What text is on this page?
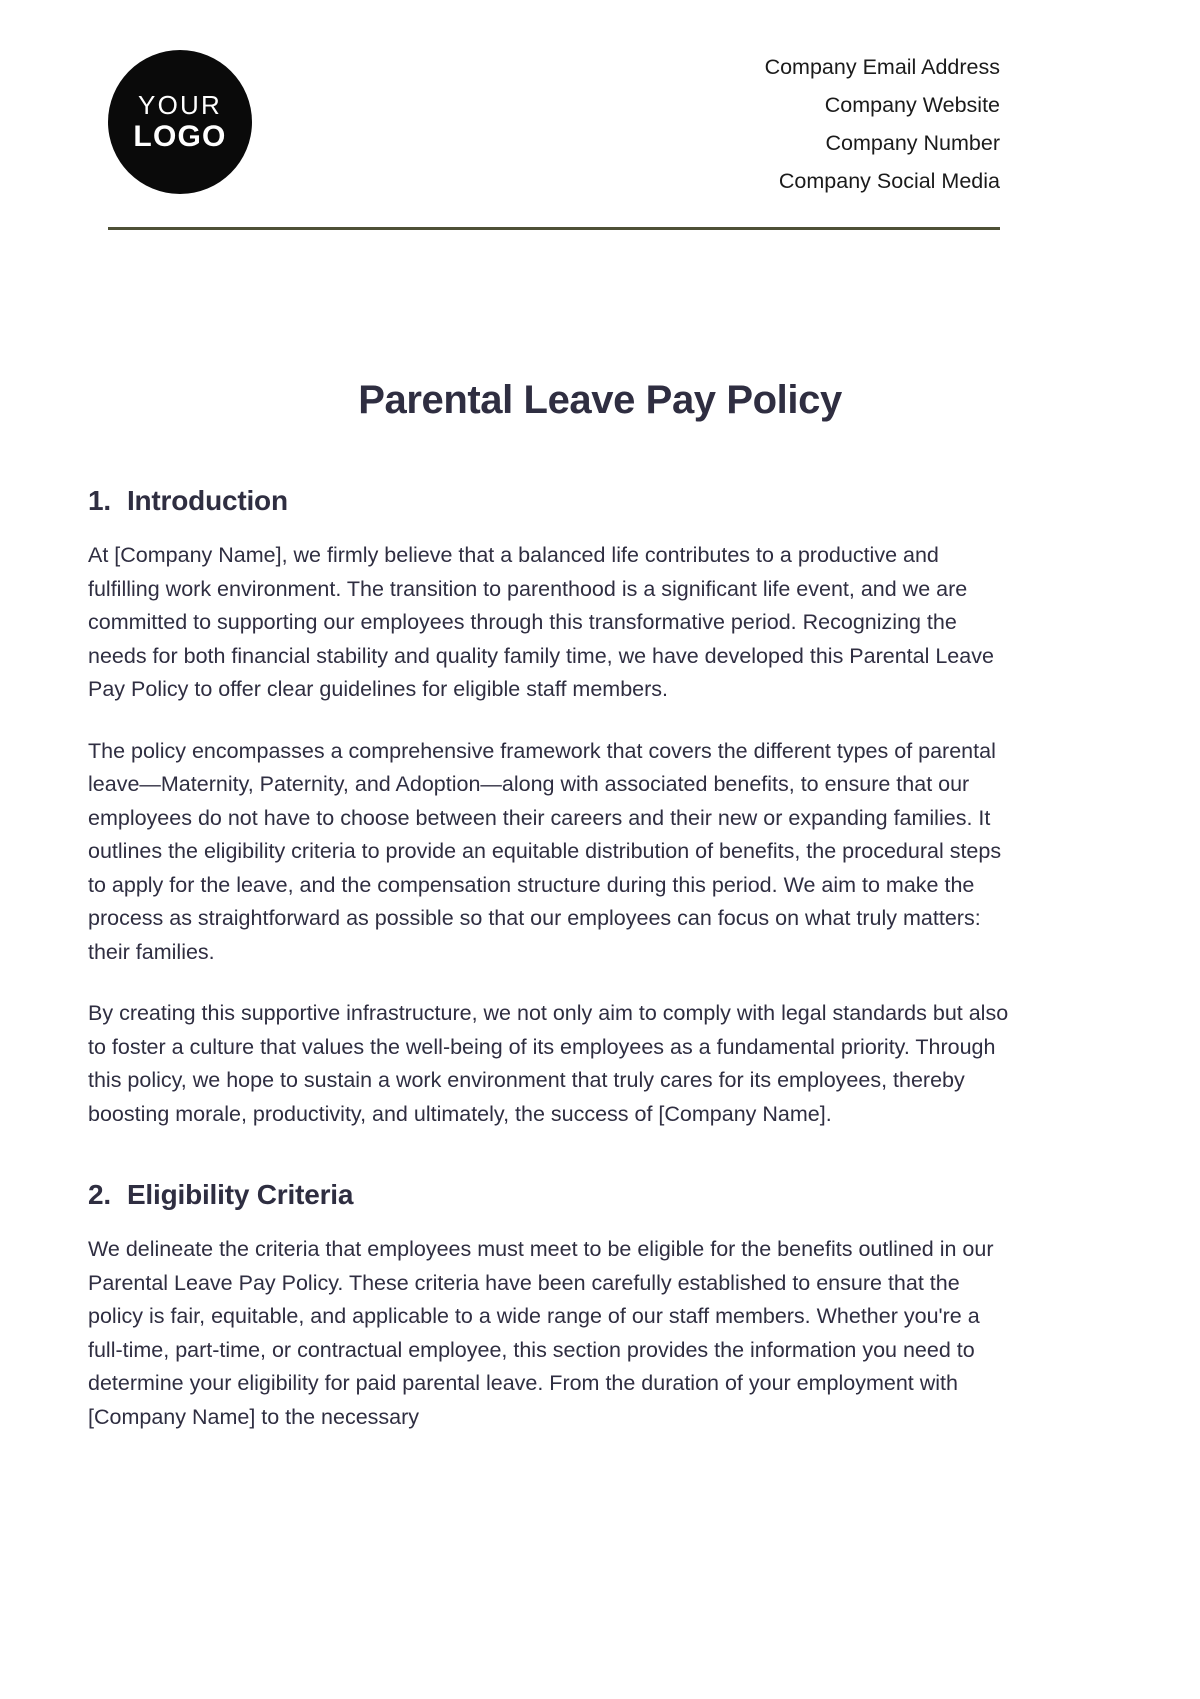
YOUR
LOGO
Company Email Address
Company Website
Company Number
Company Social Media
Parental Leave Pay Policy
1. Introduction

At [Company Name], we firmly believe that a balanced life contributes to a productive and fulfilling work environment. The transition to parenthood is a significant life event, and we are committed to supporting our employees through this transformative period. Recognizing the needs for both financial stability and quality family time, we have developed this Parental Leave Pay Policy to offer clear guidelines for eligible staff members.

The policy encompasses a comprehensive framework that covers the different types of parental leave—Maternity, Paternity, and Adoption—along with associated benefits, to ensure that our employees do not have to choose between their careers and their new or expanding families. It outlines the eligibility criteria to provide an equitable distribution of benefits, the procedural steps to apply for the leave, and the compensation structure during this period. We aim to make the process as straightforward as possible so that our employees can focus on what truly matters: their families.

By creating this supportive infrastructure, we not only aim to comply with legal standards but also to foster a culture that values the well-being of its employees as a fundamental priority. Through this policy, we hope to sustain a work environment that truly cares for its employees, thereby boosting morale, productivity, and ultimately, the success of [Company Name].

2. Eligibility Criteria

We delineate the criteria that employees must meet to be eligible for the benefits outlined in our Parental Leave Pay Policy. These criteria have been carefully established to ensure that the policy is fair, equitable, and applicable to a wide range of our staff members. Whether you're a full-time, part-time, or contractual employee, this section provides the information you need to determine your eligibility for paid parental leave. From the duration of your employment with [Company Name] to the necessary
